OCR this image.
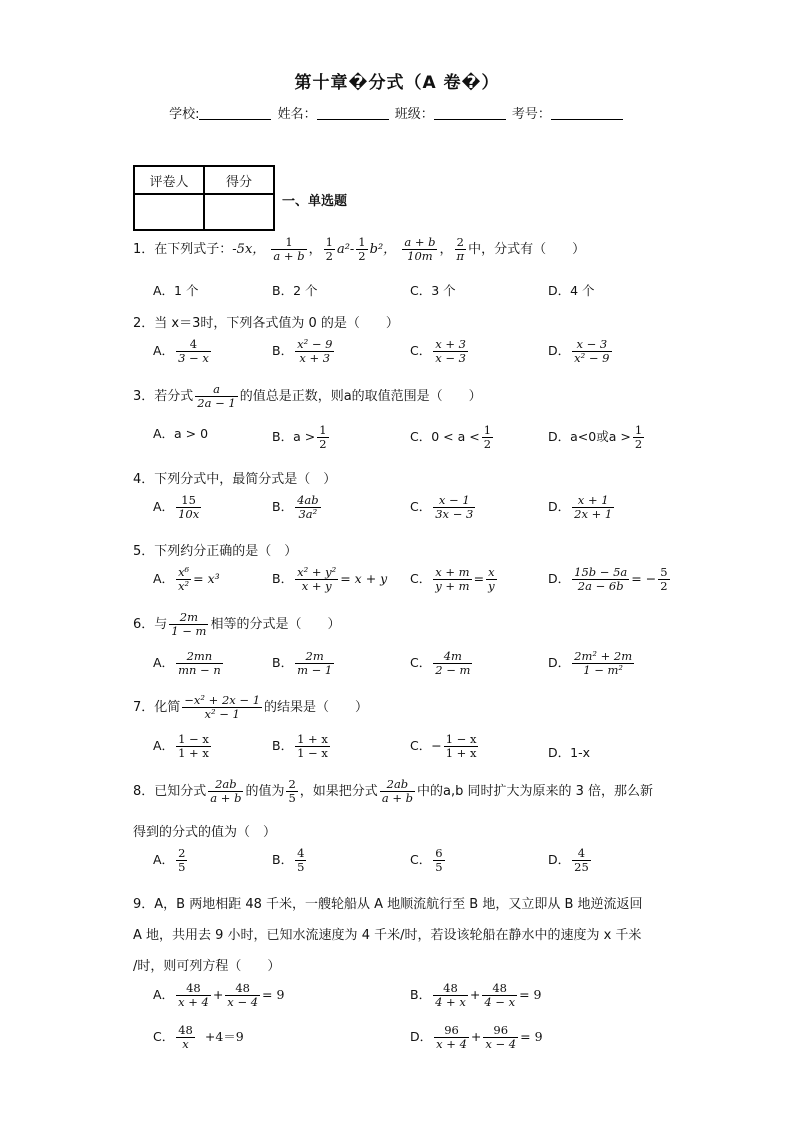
第十章�分式（A 卷�）
学校:	姓名：	班级：	考号：
评卷人	得分

一、单选题
1．在下列式子：-5x， $\frac{1}{a + b}$ ， $\frac{1}{2} a^2- \frac{1}{2} b^2$， $\frac{a + b}{10m}$ ， $\frac{2}{\pi}$ 中，分式有（　　）
A．1 个	B．2 个	C．3 个	D．4 个
2．当 x＝3时，下列各式值为 0 的是（　　）
A． $\frac{4}{3 - x}$	B． $\frac{\text{x² − 9}}{x + 3}$	C． $\frac{x + 3}{x - 3}$	D． $\frac{x - 3}{\text{x² − 9}}$
3．若分式 $\frac{a}{2a - 1}$ 的值总是正数，则a的取值范围是（　　）
A．a > 0	B．$a > \frac{1}{2}$	C．$0 < a < \frac{1}{2}$	D．a<0或$a > \frac{1}{2}$
4．下列分式中，最简分式是（　）
A． $\frac{15}{10x}$	B． $\frac{4ab}{\text{3a²}}$	C． $\frac{x - 1}{3x - 3}$	D． $\frac{x + 1}{2x + 1}$
5．下列约分正确的是（　）
A． $\frac{\text{x⁶}}{\text{x²}} = x^3$	B． $\frac{\text{x² + y²}}{x + y} = x + y$ C． $\frac{x + m}{y + m} = \frac{x}{y}$	D． $\frac{15b - 5a}{2a - 6b}$ = − $\frac{5}{2}$
6．与 $\frac{2m}{1 - m}$ 相等的分式是（　　）
A． $\frac{2mn}{mn - n}$	B． $\frac{2m}{m - 1}$	C． $\frac{4m}{2 - m}$	D． $\frac{\text{2m² + 2m}}{\text{1 − m²}}$
7．化简 $\frac{\text{−x² + 2x − 1}}{\text{x² − 1}}$ 的结果是（　　）
A． $\frac{1 - x}{1 + x}$	B． $\frac{1 + x}{1 - x}$	C．− $\frac{1 - x}{1 + x}$	D．1-x
8．已知分式 $\frac{2ab}{a + b}$ 的值为 $\frac{2}{5}$ ，如果把分式 $\frac{2ab}{a + b}$ 中的a,b 同时扩大为原来的 3 倍，那么新
得到的分式的值为（　）
A． $\frac{2}{5}$	B． $\frac{4}{5}$	C． $\frac{6}{5}$	D． $\frac{4}{25}$
9．A，B 两地相距 48 千米，一艘轮船从 A 地顺流航行至 B 地，又立即从 B 地逆流返回
A 地，共用去 9 小时，已知水流速度为 4 千米/时，若设该轮船在静水中的速度为 x 千米
/时，则可列方程（　　）
A． $\frac{48}{x + 4} + \frac{48}{x - 4} = 9$	B． $\frac{48}{4 + x} + \frac{48}{4 - x} = 9$
C． $\frac{48}{x} +4=9$	D． $\frac{96}{x + 4} + \frac{96}{x - 4} = 9$
